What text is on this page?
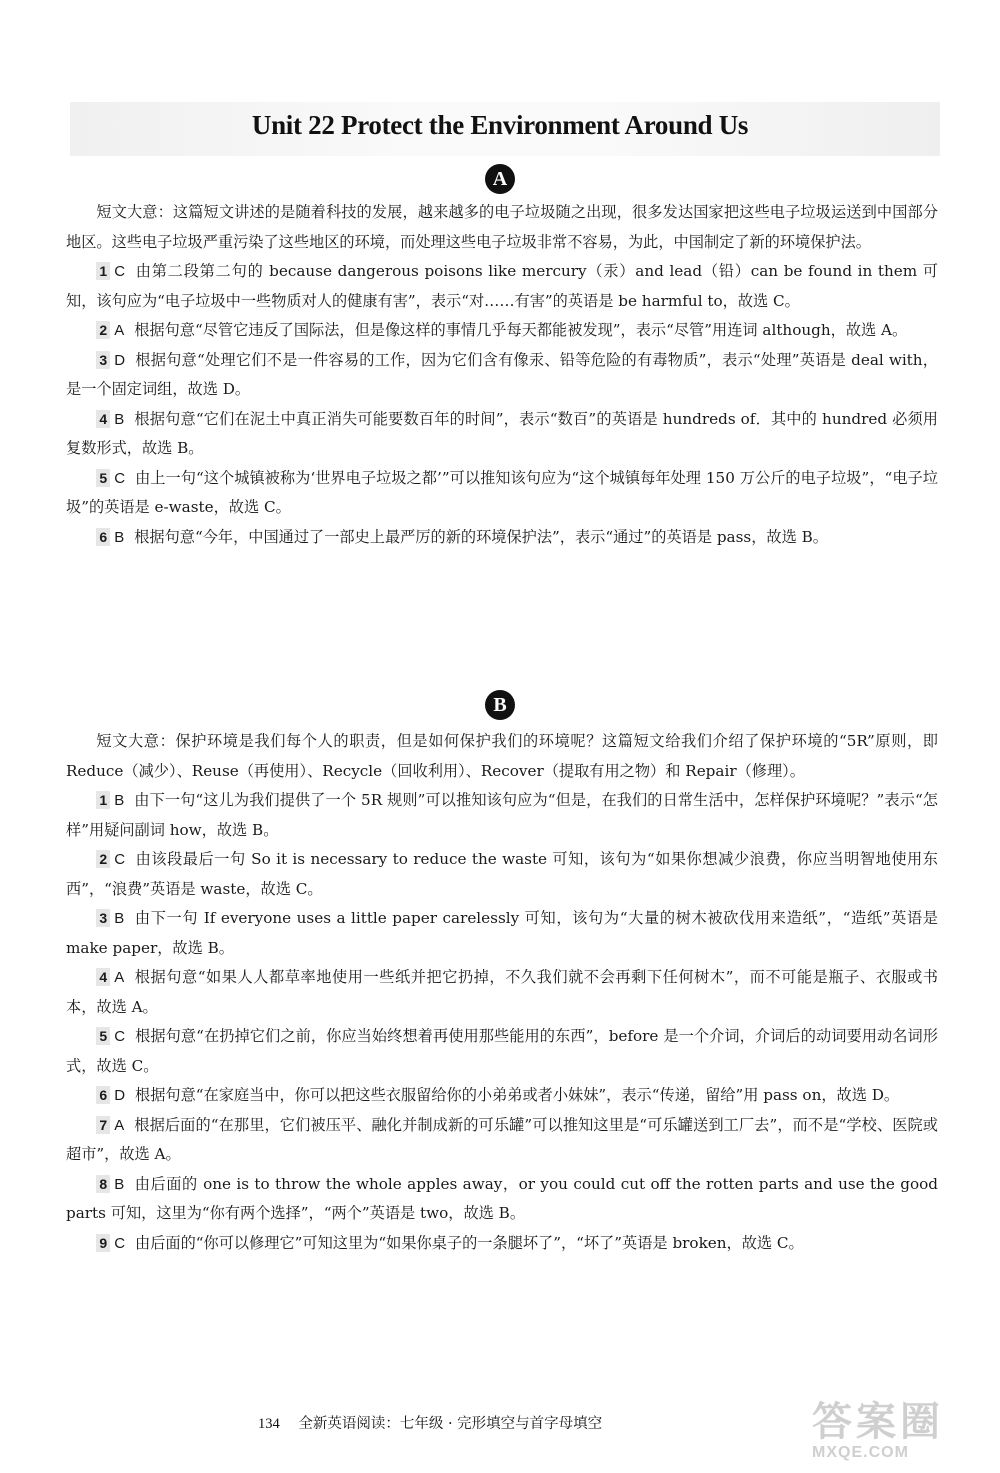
Unit 22 Protect the Environment Around Us
A

短文大意：这篇短文讲述的是随着科技的发展，越来越多的电子垃圾随之出现，很多发达国家把这些电子垃圾运送到中国部分地区。这些电子垃圾严重污染了这些地区的环境，而处理这些电子垃圾非常不容易，为此，中国制定了新的环境保护法。

1 C 由第二段第二句的 because dangerous poisons like mercury（汞）and lead（铅）can be found in them 可知，该句应为“电子垃圾中一些物质对人的健康有害”，表示“对……有害”的英语是 be harmful to，故选 C。

2 A 根据句意“尽管它违反了国际法，但是像这样的事情几乎每天都能被发现”，表示“尽管”用连词 although，故选 A。

3 D 根据句意“处理它们不是一件容易的工作，因为它们含有像汞、铅等危险的有毒物质”，表示“处理”英语是 deal with，是一个固定词组，故选 D。

4 B 根据句意“它们在泥土中真正消失可能要数百年的时间”，表示“数百”的英语是 hundreds of．其中的 hundred 必须用复数形式，故选 B。

5 C 由上一句“这个城镇被称为‘世界电子垃圾之都’”可以推知该句应为“这个城镇每年处理 150 万公斤的电子垃圾”，“电子垃圾”的英语是 e-waste，故选 C。

6 B 根据句意“今年，中国通过了一部史上最严厉的新的环境保护法”，表示“通过”的英语是 pass，故选 B。

B

短文大意：保护环境是我们每个人的职责，但是如何保护我们的环境呢？这篇短文给我们介绍了保护环境的“5R”原则，即 Reduce（减少）、Reuse（再使用）、Recycle（回收利用）、Recover（提取有用之物）和 Repair（修理）。

1 B 由下一句“这儿为我们提供了一个 5R 规则”可以推知该句应为“但是，在我们的日常生活中，怎样保护环境呢？”表示“怎样”用疑问副词 how，故选 B。

2 C 由该段最后一句 So it is necessary to reduce the waste 可知，该句为“如果你想减少浪费，你应当明智地使用东西”，“浪费”英语是 waste，故选 C。

3 B 由下一句 If everyone uses a little paper carelessly 可知，该句为“大量的树木被砍伐用来造纸”，“造纸”英语是 make paper，故选 B。

4 A 根据句意“如果人人都草率地使用一些纸并把它扔掉，不久我们就不会再剩下任何树木”，而不可能是瓶子、衣服或书本，故选 A。

5 C 根据句意“在扔掉它们之前，你应当始终想着再使用那些能用的东西”，before 是一个介词，介词后的动词要用动名词形式，故选 C。

6 D 根据句意“在家庭当中，你可以把这些衣服留给你的小弟弟或者小妹妹”，表示“传递，留给”用 pass on，故选 D。

7 A 根据后面的“在那里，它们被压平、融化并制成新的可乐罐”可以推知这里是“可乐罐送到工厂去”，而不是“学校、医院或超市”，故选 A。

8 B 由后面的 one is to throw the whole apples away，or you could cut off the rotten parts and use the good parts 可知，这里为“你有两个选择”，“两个”英语是 two，故选 B。

9 C 由后面的“你可以修理它”可知这里为“如果你桌子的一条腿坏了”，“坏了”英语是 broken，故选 C。

134 全新英语阅读：七年级 · 完形填空与首字母填空	答案圈
MXQE.COM
